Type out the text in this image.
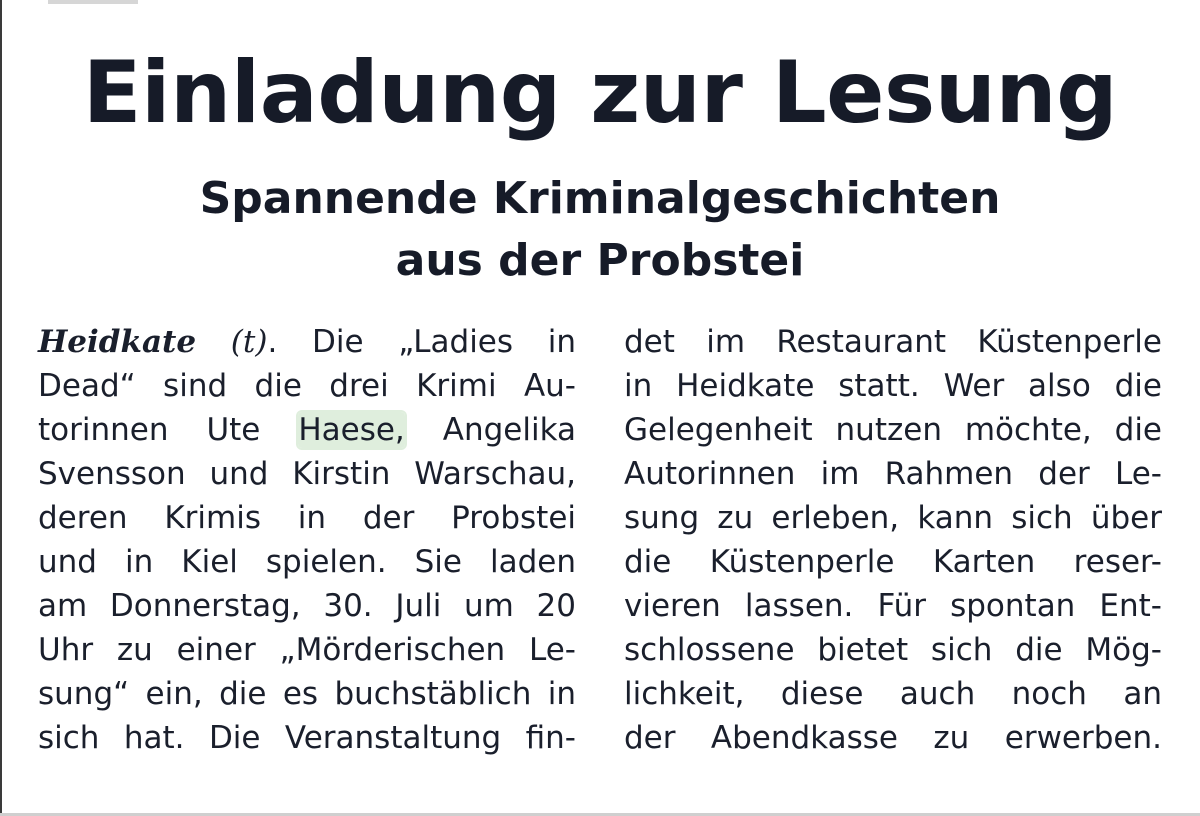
Einladung zur Lesung
Spannende Kriminalgeschichten
aus der Probstei
Heidkate (t). Die „Ladies in
Dead“ sind die drei Krimi Au-
torinnen Ute Haese, Angelika
Svensson und Kirstin Warschau,
deren Krimis in der Probstei
und in Kiel spielen. Sie laden
am Donnerstag, 30. Juli um 20
Uhr zu einer „Mörderischen Le-
sung“ ein, die es buchstäblich in
sich hat. Die Veranstaltung fin-
det im Restaurant Küstenperle
in Heidkate statt. Wer also die
Gelegenheit nutzen möchte, die
Autorinnen im Rahmen der Le-
sung zu erleben, kann sich über
die Küstenperle Karten reser-
vieren lassen. Für spontan Ent-
schlossene bietet sich die Mög-
lichkeit, diese auch noch an
der Abendkasse zu erwerben.
